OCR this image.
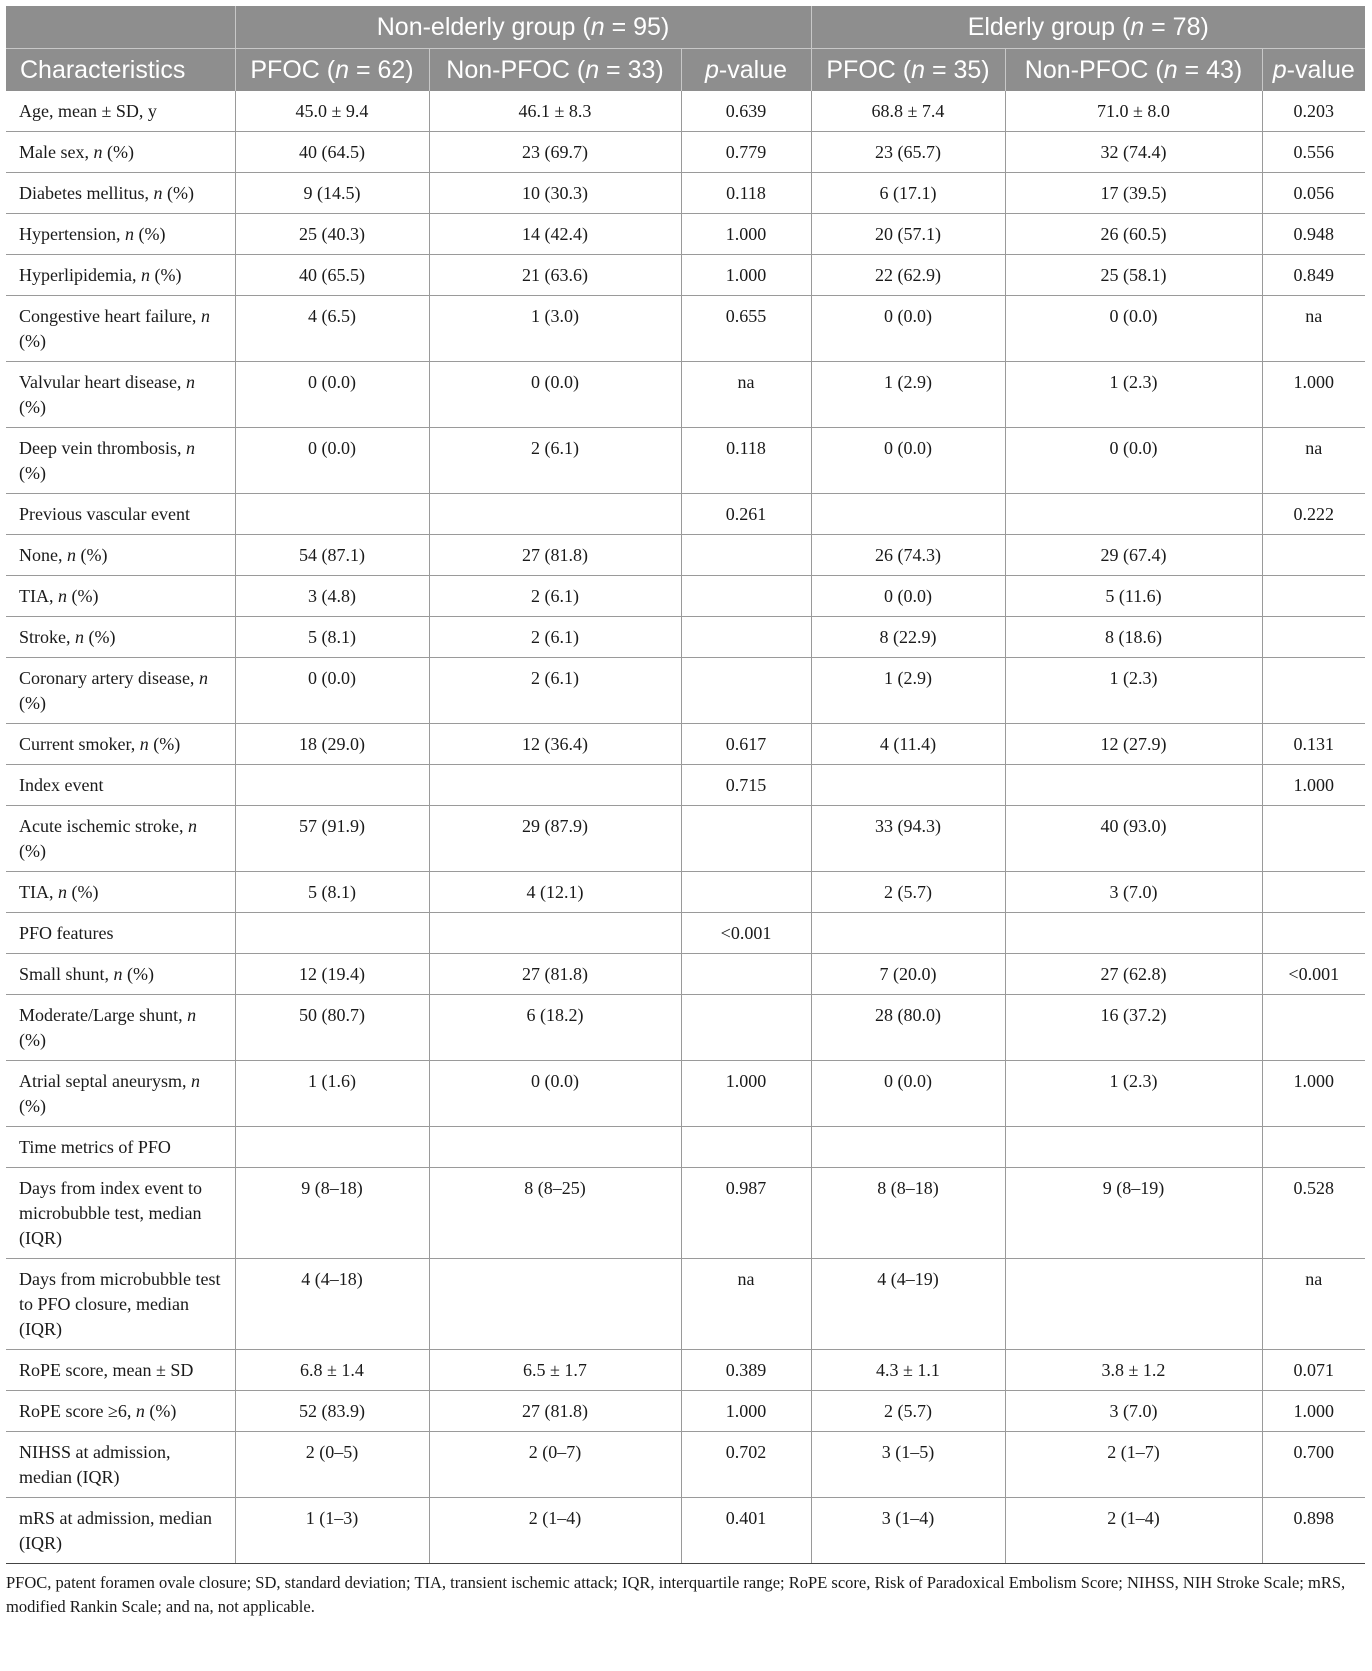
	Non-elderly group (n = 95)			Elderly group (n = 78)		
Characteristics	PFOC (n = 62)	Non-PFOC (n = 33)	p-value	PFOC (n = 35)	Non-PFOC (n = 43)	p-value
Age, mean ± SD, y	45.0 ± 9.4	46.1 ± 8.3	0.639	68.8 ± 7.4	71.0 ± 8.0	0.203
Male sex, n (%)	40 (64.5)	23 (69.7)	0.779	23 (65.7)	32 (74.4)	0.556
Diabetes mellitus, n (%)	9 (14.5)	10 (30.3)	0.118	6 (17.1)	17 (39.5)	0.056
Hypertension, n (%)	25 (40.3)	14 (42.4)	1.000	20 (57.1)	26 (60.5)	0.948
Hyperlipidemia, n (%)	40 (65.5)	21 (63.6)	1.000	22 (62.9)	25 (58.1)	0.849
Congestive heart failure, n (%)	4 (6.5)	1 (3.0)	0.655	0 (0.0)	0 (0.0)	na
Valvular heart disease, n (%)	0 (0.0)	0 (0.0)	na	1 (2.9)	1 (2.3)	1.000
Deep vein thrombosis, n (%)	0 (0.0)	2 (6.1)	0.118	0 (0.0)	0 (0.0)	na
Previous vascular event			0.261			0.222
None, n (%)	54 (87.1)	27 (81.8)		26 (74.3)	29 (67.4)	
TIA, n (%)	3 (4.8)	2 (6.1)		0 (0.0)	5 (11.6)	
Stroke, n (%)	5 (8.1)	2 (6.1)		8 (22.9)	8 (18.6)	
Coronary artery disease, n (%)	0 (0.0)	2 (6.1)		1 (2.9)	1 (2.3)	
Current smoker, n (%)	18 (29.0)	12 (36.4)	0.617	4 (11.4)	12 (27.9)	0.131
Index event			0.715			1.000
Acute ischemic stroke, n (%)	57 (91.9)	29 (87.9)		33 (94.3)	40 (93.0)	
TIA, n (%)	5 (8.1)	4 (12.1)		2 (5.7)	3 (7.0)	
PFO features			<0.001			
Small shunt, n (%)	12 (19.4)	27 (81.8)		7 (20.0)	27 (62.8)	<0.001
Moderate/Large shunt, n (%)	50 (80.7)	6 (18.2)		28 (80.0)	16 (37.2)	
Atrial septal aneurysm, n (%)	1 (1.6)	0 (0.0)	1.000	0 (0.0)	1 (2.3)	1.000
Time metrics of PFO						
Days from index event to microbubble test, median (IQR)	9 (8–18)	8 (8–25)	0.987	8 (8–18)	9 (8–19)	0.528
Days from microbubble test to PFO closure, median (IQR)	4 (4–18)		na	4 (4–19)		na
RoPE score, mean ± SD	6.8 ± 1.4	6.5 ± 1.7	0.389	4.3 ± 1.1	3.8 ± 1.2	0.071
RoPE score ≥6, n (%)	52 (83.9)	27 (81.8)	1.000	2 (5.7)	3 (7.0)	1.000
NIHSS at admission, median (IQR)	2 (0–5)	2 (0–7)	0.702	3 (1–5)	2 (1–7)	0.700
mRS at admission, median (IQR)	1 (1–3)	2 (1–4)	0.401	3 (1–4)	2 (1–4)	0.898
PFOC, patent foramen ovale closure; SD, standard deviation; TIA, transient ischemic attack; IQR, interquartile range; RoPE score, Risk of Paradoxical Embolism Score; NIHSS, NIH Stroke Scale; mRS, modified Rankin Scale; and na, not applicable.
